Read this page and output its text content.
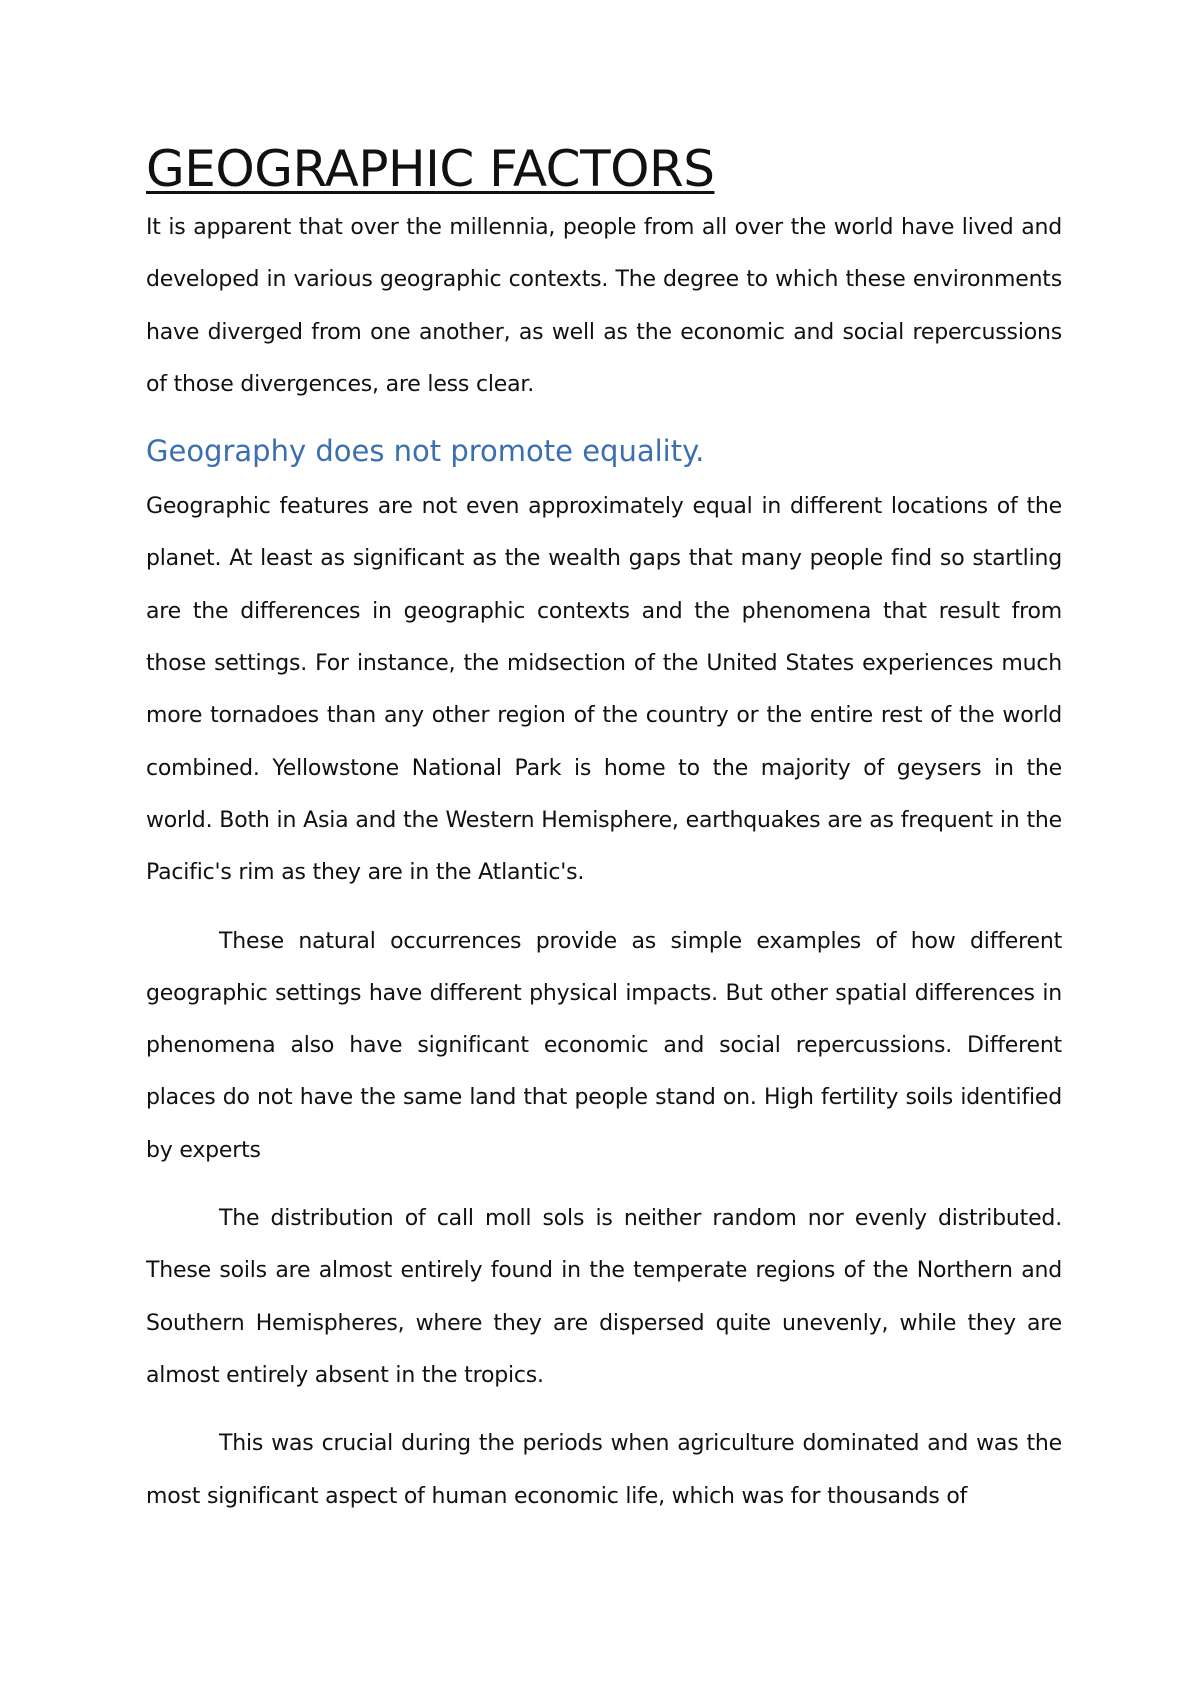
GEOGRAPHIC FACTORS

It is apparent that over the millennia, people from all over the world have lived and developed in various geographic contexts. The degree to which these environments have diverged from one another, as well as the economic and social repercussions of those divergences, are less clear.

Geography does not promote equality.

Geographic features are not even approximately equal in different locations of the planet. At least as significant as the wealth gaps that many people find so startling are the differences in geographic contexts and the phenomena that result from those settings. For instance, the midsection of the United States experiences much more tornadoes than any other region of the country or the entire rest of the world combined. Yellowstone National Park is home to the majority of geysers in the world. Both in Asia and the Western Hemisphere, earthquakes are as frequent in the Pacific's rim as they are in the Atlantic's.

These natural occurrences provide as simple examples of how different geographic settings have different physical impacts. But other spatial differences in phenomena also have significant economic and social repercussions. Different places do not have the same land that people stand on. High fertility soils identified by experts

The distribution of call moll sols is neither random nor evenly distributed. These soils are almost entirely found in the temperate regions of the Northern and Southern Hemispheres, where they are dispersed quite unevenly, while they are almost entirely absent in the tropics.

This was crucial during the periods when agriculture dominated and was the most significant aspect of human economic life, which was for thousands of
